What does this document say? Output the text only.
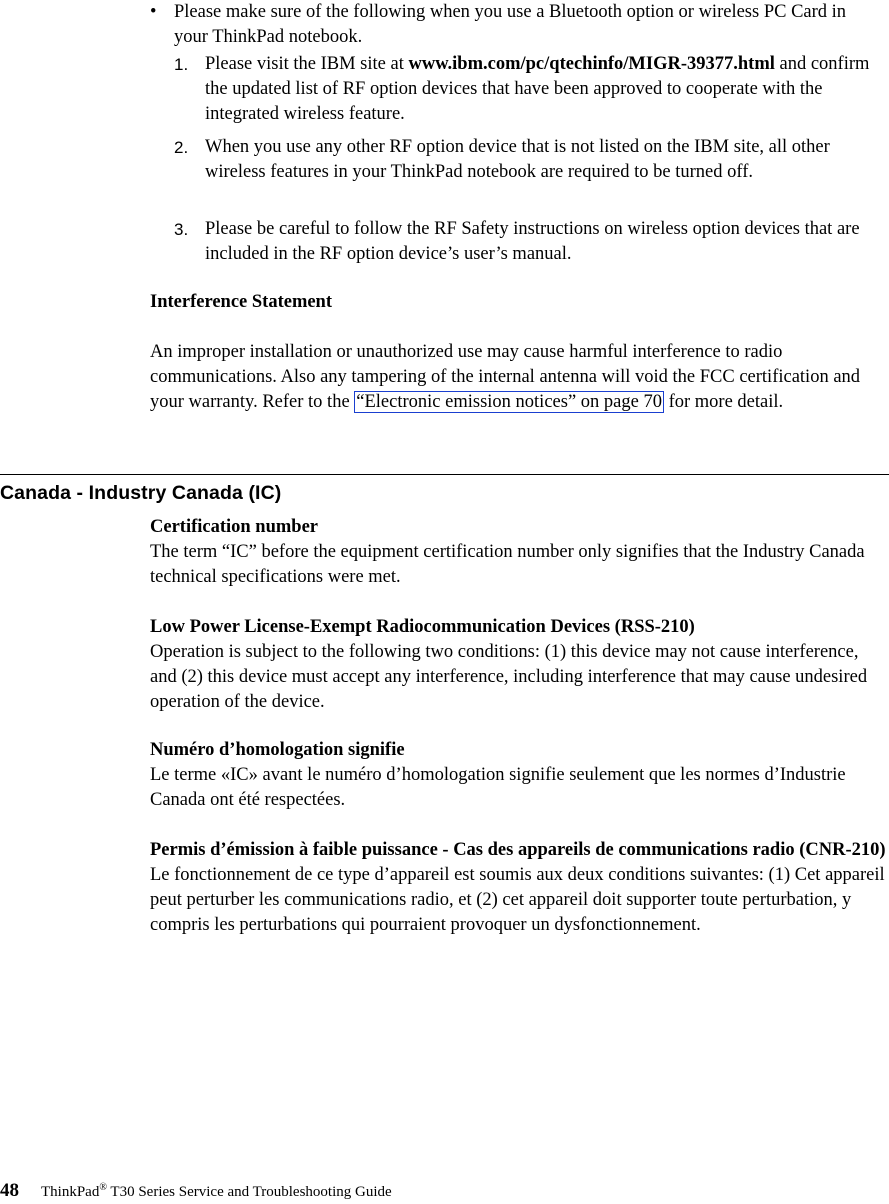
• Please make sure of the following when you use a Bluetooth option or wireless PC Card in your ThinkPad notebook.
1. Please visit the IBM site at www.ibm.com/pc/qtechinfo/MIGR-39377.html and confirm the updated list of RF option devices that have been approved to cooperate with the integrated wireless feature.
2. When you use any other RF option device that is not listed on the IBM site, all other wireless features in your ThinkPad notebook are required to be turned off.
3. Please be careful to follow the RF Safety instructions on wireless option devices that are included in the RF option device’s user’s manual.
Interference Statement
An improper installation or unauthorized use may cause harmful interference to radio communications. Also any tampering of the internal antenna will void the FCC certification and your warranty. Refer to the “Electronic emission notices” on page 70 for more detail.
Canada - Industry Canada (IC)
Certification number
The term “IC” before the equipment certification number only signifies that the Industry Canada technical specifications were met.
Low Power License-Exempt Radiocommunication Devices (RSS-210)
Operation is subject to the following two conditions: (1) this device may not cause interference, and (2) this device must accept any interference, including interference that may cause undesired operation of the device.
Numéro d’homologation signifie
Le terme «IC» avant le numéro d’homologation signifie seulement que les normes d’Industrie Canada ont été respectées.
Permis d’émission à faible puissance - Cas des appareils de communications radio (CNR-210)
Le fonctionnement de ce type d’appareil est soumis aux deux conditions suivantes: (1) Cet appareil peut perturber les communications radio, et (2) cet appareil doit supporter toute perturbation, y compris les perturbations qui pourraient provoquer un dysfonctionnement.
48 ThinkPad® T30 Series Service and Troubleshooting Guide
